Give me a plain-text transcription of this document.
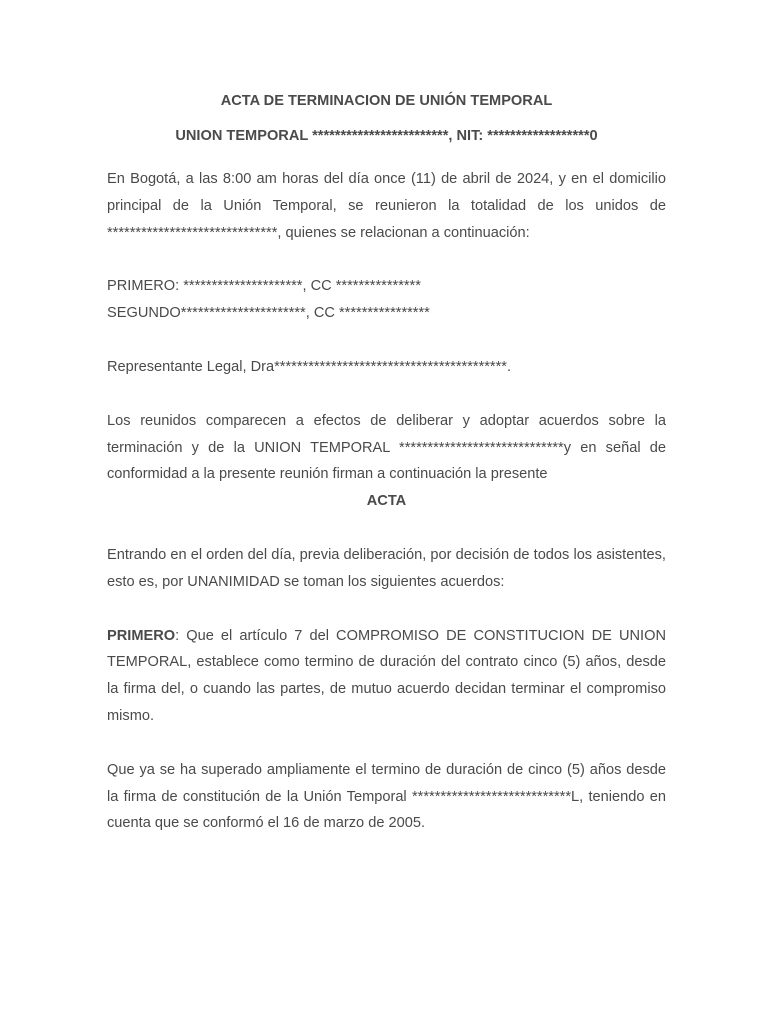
ACTA DE TERMINACION DE UNIÓN TEMPORAL

UNION TEMPORAL ************************, NIT: ******************0

En Bogotá, a las 8:00 am horas del día once (11) de abril de 2024, y en el domicilio principal de la Unión Temporal, se reunieron la totalidad de los unidos de ******************************, quienes se relacionan a continuación:

PRIMERO: *********************, CC ***************
SEGUNDO**********************, CC ****************

Representante Legal, Dra*****************************************.

Los reunidos comparecen a efectos de deliberar y adoptar acuerdos sobre la terminación y de la UNION TEMPORAL *****************************y en señal de conformidad a la presente reunión firman a continuación la presente

ACTA

Entrando en el orden del día, previa deliberación, por decisión de todos los asistentes, esto es, por UNANIMIDAD se toman los siguientes acuerdos:

PRIMERO: Que el artículo 7 del COMPROMISO DE CONSTITUCION DE UNION TEMPORAL, establece como termino de duración del contrato cinco (5) años, desde la firma del, o cuando las partes, de mutuo acuerdo decidan terminar el compromiso mismo.

Que ya se ha superado ampliamente el termino de duración de cinco (5) años desde la firma de constitución de la Unión Temporal ****************************L, teniendo en cuenta que se conformó el 16 de marzo de 2005.
